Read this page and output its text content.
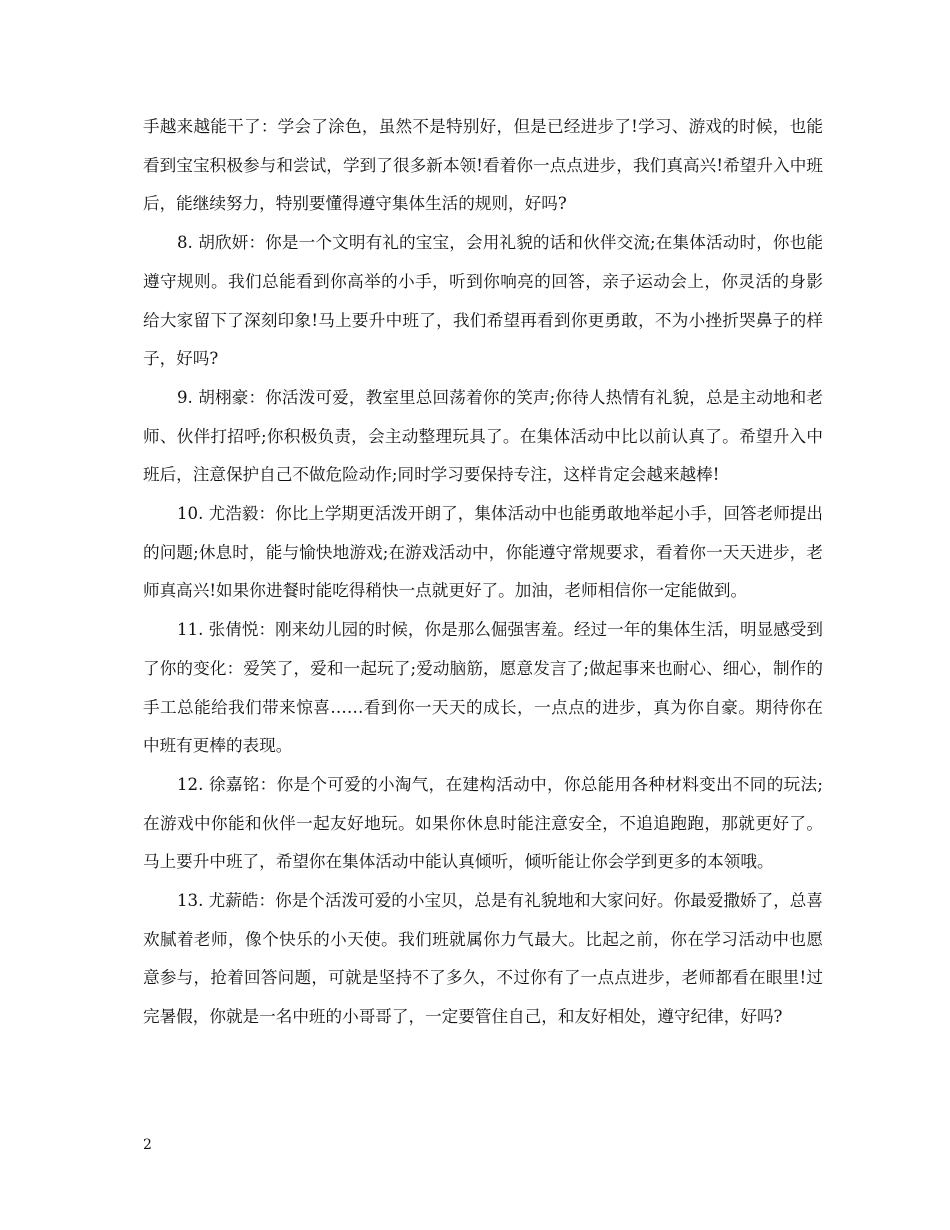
手越来越能干了：学会了涂色，虽然不是特别好，但是已经进步了!学习、游戏的时候，也能看到宝宝积极参与和尝试，学到了很多新本领!看着你一点点进步，我们真高兴!希望升入中班后，能继续努力，特别要懂得遵守集体生活的规则，好吗?

8. 胡欣妍：你是一个文明有礼的宝宝，会用礼貌的话和伙伴交流;在集体活动时，你也能遵守规则。我们总能看到你高举的小手，听到你响亮的回答，亲子运动会上，你灵活的身影给大家留下了深刻印象!马上要升中班了，我们希望再看到你更勇敢，不为小挫折哭鼻子的样子，好吗?

9. 胡栩豪：你活泼可爱，教室里总回荡着你的笑声;你待人热情有礼貌，总是主动地和老师、伙伴打招呼;你积极负责，会主动整理玩具了。在集体活动中比以前认真了。希望升入中班后，注意保护自己不做危险动作;同时学习要保持专注，这样肯定会越来越棒!

10. 尤浩毅：你比上学期更活泼开朗了，集体活动中也能勇敢地举起小手，回答老师提出的问题;休息时，能与愉快地游戏;在游戏活动中，你能遵守常规要求，看着你一天天进步，老师真高兴!如果你进餐时能吃得稍快一点就更好了。加油，老师相信你一定能做到。

11. 张倩悦：刚来幼儿园的时候，你是那么倔强害羞。经过一年的集体生活，明显感受到了你的变化：爱笑了，爱和一起玩了;爱动脑筋，愿意发言了;做起事来也耐心、细心，制作的手工总能给我们带来惊喜……看到你一天天的成长，一点点的进步，真为你自豪。期待你在中班有更棒的表现。

12. 徐嘉铭：你是个可爱的小淘气，在建构活动中，你总能用各种材料变出不同的玩法;在游戏中你能和伙伴一起友好地玩。如果你休息时能注意安全，不追追跑跑，那就更好了。马上要升中班了，希望你在集体活动中能认真倾听，倾听能让你会学到更多的本领哦。

13. 尤薪皓：你是个活泼可爱的小宝贝，总是有礼貌地和大家问好。你最爱撒娇了，总喜欢腻着老师，像个快乐的小天使。我们班就属你力气最大。比起之前，你在学习活动中也愿意参与，抢着回答问题，可就是坚持不了多久，不过你有了一点点进步，老师都看在眼里!过完暑假，你就是一名中班的小哥哥了，一定要管住自己，和友好相处，遵守纪律，好吗?

2
